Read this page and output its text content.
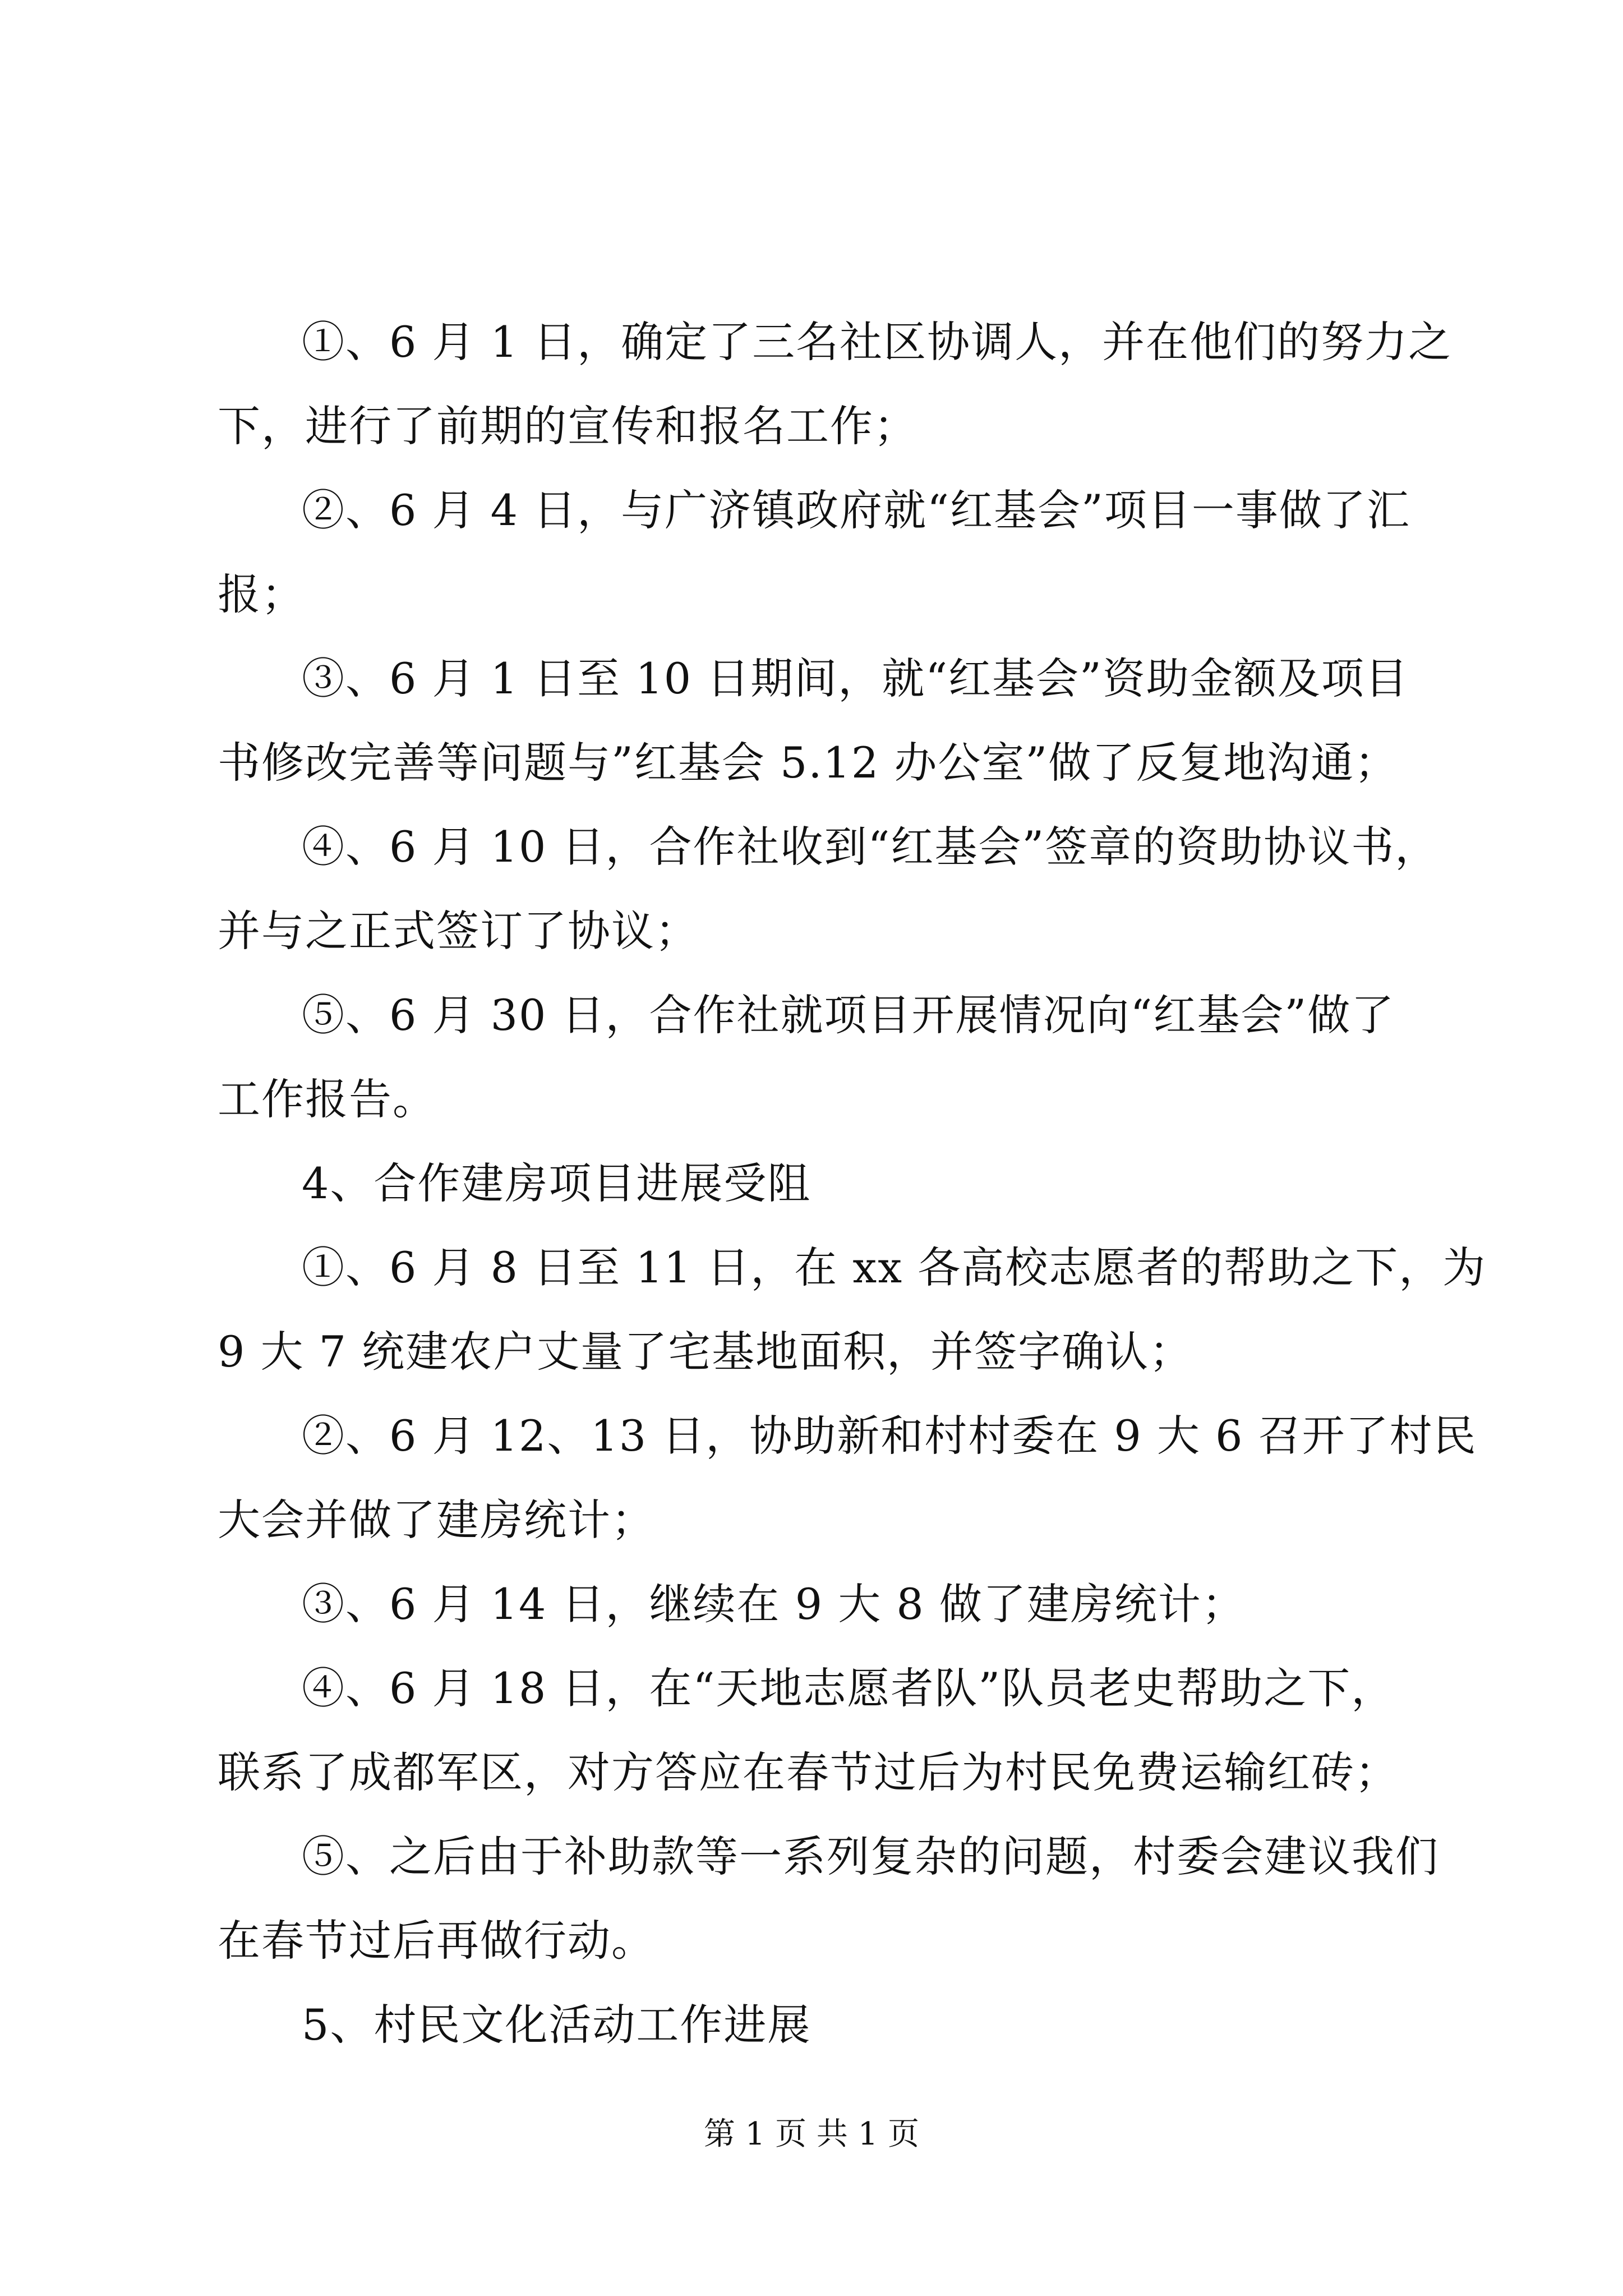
①、6 月 1 日，确定了三名社区协调人，并在他们的努力之
下，进行了前期的宣传和报名工作；
②、6 月 4 日，与广济镇政府就“红基会”项目一事做了汇
报；
③、6 月 1 日至 10 日期间，就“红基会”资助金额及项目
书修改完善等问题与”红基会 5.12 办公室”做了反复地沟通；
④、6 月 10 日，合作社收到“红基会”签章的资助协议书，
并与之正式签订了协议；
⑤、6 月 30 日，合作社就项目开展情况向“红基会”做了
工作报告。
4、合作建房项目进展受阻
①、6 月 8 日至 11 日，在 xx 各高校志愿者的帮助之下，为
9 大 7 统建农户丈量了宅基地面积，并签字确认；
②、6 月 12、13 日，协助新和村村委在 9 大 6 召开了村民
大会并做了建房统计；
③、6 月 14 日，继续在 9 大 8 做了建房统计；
④、6 月 18 日，在“天地志愿者队”队员老史帮助之下，
联系了成都军区，对方答应在春节过后为村民免费运输红砖；
⑤、之后由于补助款等一系列复杂的问题，村委会建议我们
在春节过后再做行动。
5、村民文化活动工作进展
第 1 页 共 1 页
